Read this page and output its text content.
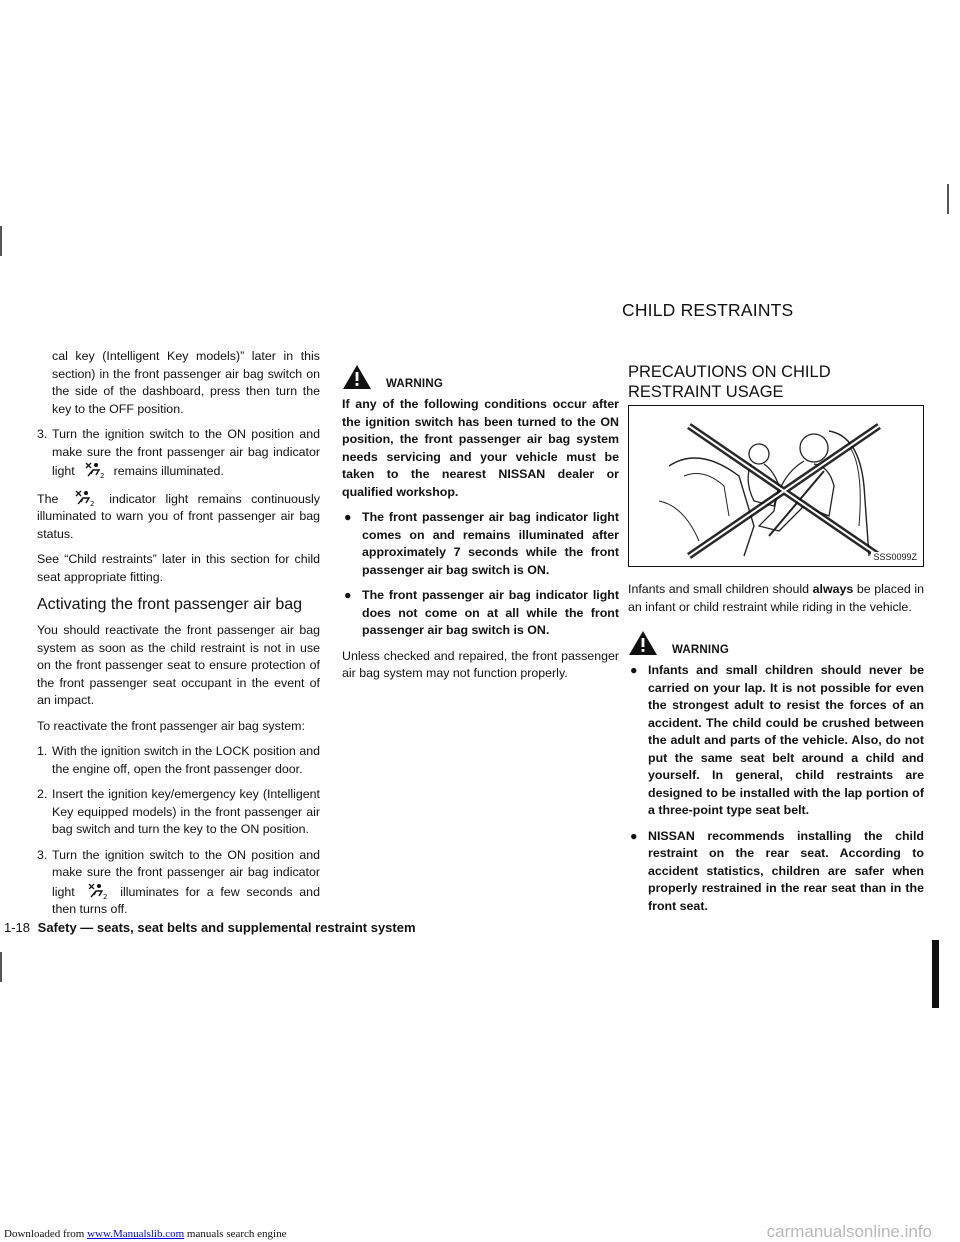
Downloaded from www.Manualslib.com manuals search engine	carmanualsonline.info
CHILD RESTRAINTS

cal key (Intelligent Key models)” later in this section) in the front passenger air bag switch on the side of the dashboard, press then turn the key to the OFF position.

3. Turn the ignition switch to the ON position and make sure the front passenger air bag indicator light	2 remains illuminated.

The	2 indicator light remains continuously illuminated to warn you of front passenger air bag status.

See “Child restraints” later in this section for child seat appropriate fitting.

Activating the front passenger air bag

You should reactivate the front passenger air bag system as soon as the child restraint is not in use on the front passenger seat to ensure protection of the front passenger seat occupant in the event of an impact.

To reactivate the front passenger air bag system:

1. With the ignition switch in the LOCK position and the engine off, open the front passenger door.
2. Insert the ignition key/emergency key (Intelligent Key equipped models) in the front passenger air bag switch and turn the key to the ON position.
3. Turn the ignition switch to the ON position and make sure the front passenger air bag indicator light	2 illuminates for a few seconds and then turns off.
WARNING

If any of the following conditions occur after the ignition switch has been turned to the ON position, the front passenger air bag system needs servicing and your vehicle must be taken to the nearest NISSAN dealer or qualified workshop.

● The front passenger air bag indicator light comes on and remains illuminated after approximately 7 seconds while the front passenger air bag switch is ON.
● The front passenger air bag indicator light does not come on at all while the front passenger air bag switch is ON.

Unless checked and repaired, the front passenger air bag system may not function properly.

PRECAUTIONS ON CHILD RESTRAINT USAGE
SSS0099Z

Infants and small children should always be placed in an infant or child restraint while riding in the vehicle.

WARNING
● Infants and small children should never be carried on your lap. It is not possible for even the strongest adult to resist the forces of an accident. The child could be crushed between the adult and parts of the vehicle. Also, do not put the same seat belt around a child and yourself. In general, child restraints are designed to be installed with the lap portion of a three-point type seat belt.
● NISSAN recommends installing the child restraint on the rear seat. According to accident statistics, children are safer when properly restrained in the rear seat than in the front seat.
1-18 Safety — seats, seat belts and supplemental restraint system
